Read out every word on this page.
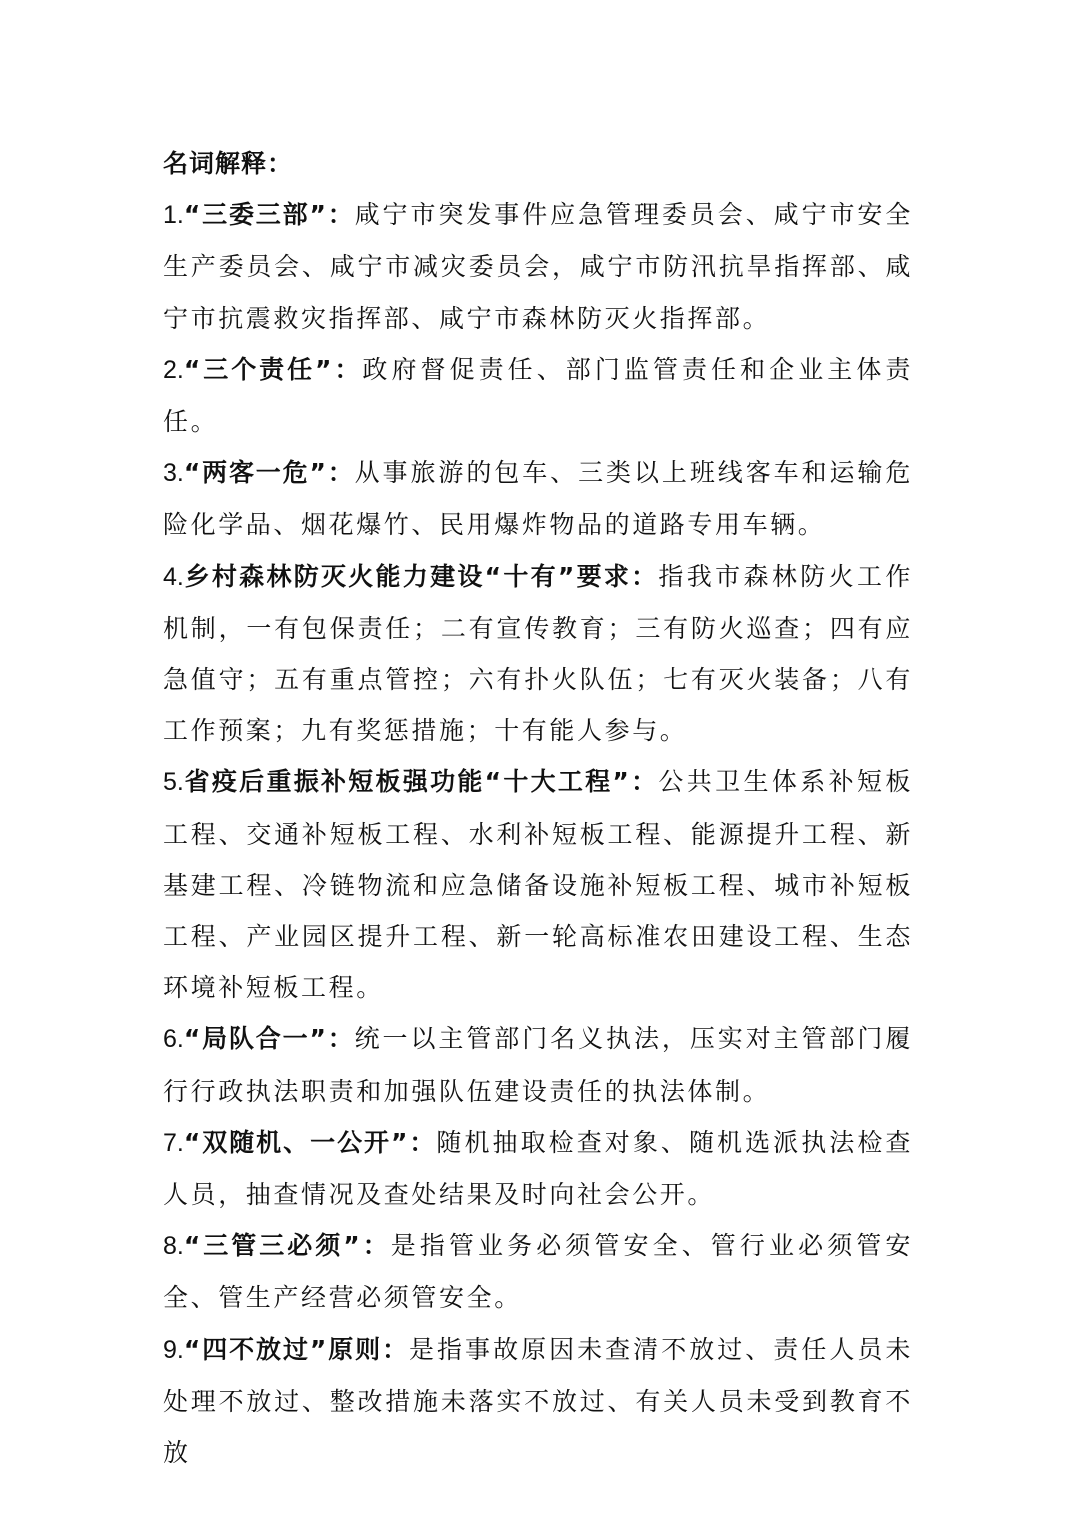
名词解释：

1.“三委三部”：咸宁市突发事件应急管理委员会、咸宁市安全生产委员会、咸宁市减灾委员会，咸宁市防汛抗旱指挥部、咸宁市抗震救灾指挥部、咸宁市森林防灭火指挥部。

2.“三个责任”：政府督促责任、部门监管责任和企业主体责任。

3.“两客一危”：从事旅游的包车、三类以上班线客车和运输危险化学品、烟花爆竹、民用爆炸物品的道路专用车辆。

4.乡村森林防灭火能力建设“十有”要求：指我市森林防火工作机制，一有包保责任；二有宣传教育；三有防火巡查；四有应急值守；五有重点管控；六有扑火队伍；七有灭火装备；八有工作预案；九有奖惩措施；十有能人参与。

5.省疫后重振补短板强功能“十大工程”：公共卫生体系补短板工程、交通补短板工程、水利补短板工程、能源提升工程、新基建工程、冷链物流和应急储备设施补短板工程、城市补短板工程、产业园区提升工程、新一轮高标准农田建设工程、生态环境补短板工程。

6.“局队合一”：统一以主管部门名义执法，压实对主管部门履行行政执法职责和加强队伍建设责任的执法体制。

7.“双随机、一公开”：随机抽取检查对象、随机选派执法检查人员，抽查情况及查处结果及时向社会公开。

8.“三管三必须”：是指管业务必须管安全、管行业必须管安全、管生产经营必须管安全。

9.“四不放过”原则：是指事故原因未查清不放过、责任人员未处理不放过、整改措施未落实不放过、有关人员未受到教育不放
